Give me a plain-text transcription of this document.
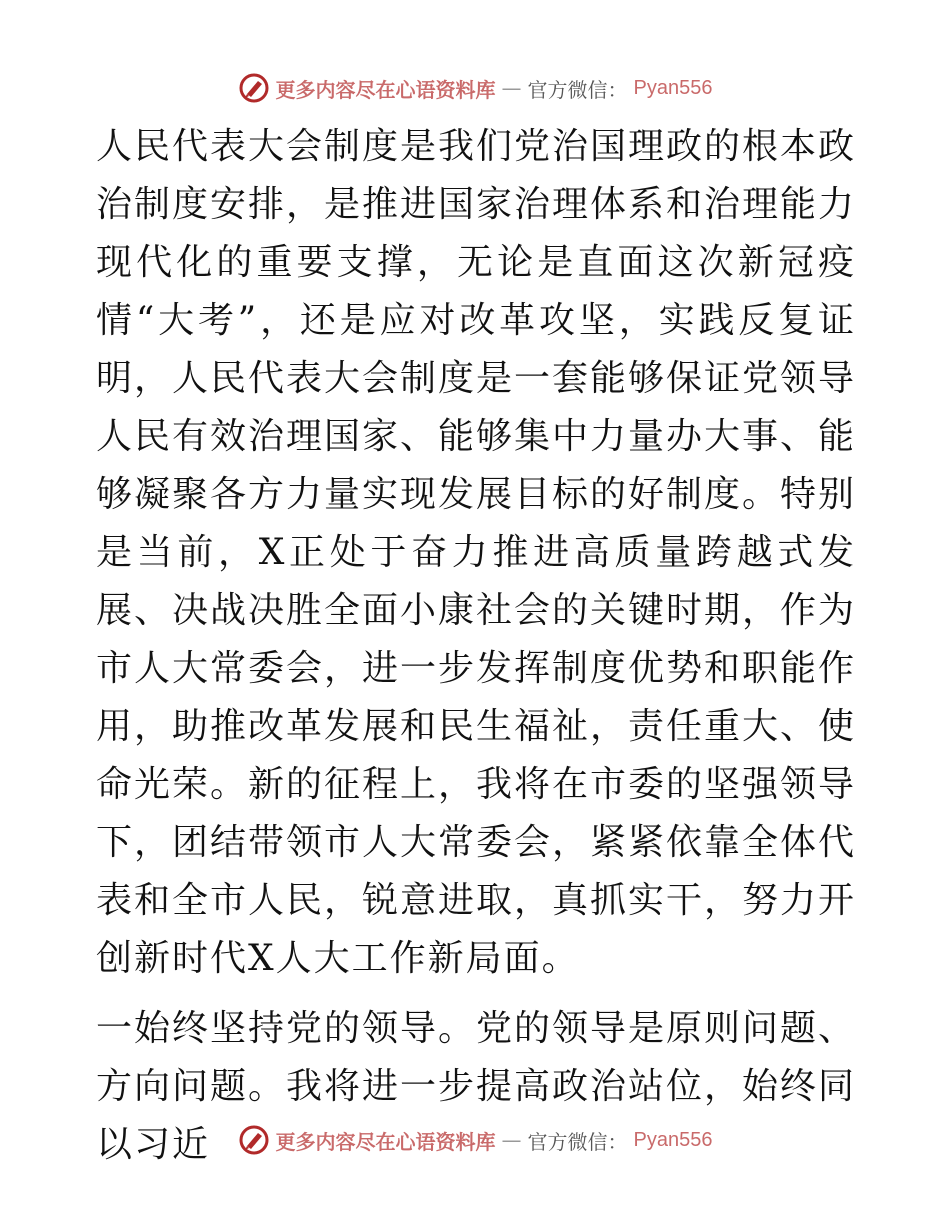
更多内容尽在心语资料库 — 官方微信： Pyan556

人民代表大会制度是我们党治国理政的根本政治制度安排，是推进国家治理体系和治理能力现代化的重要支撑，无论是直面这次新冠疫情“大考”，还是应对改革攻坚，实践反复证明，人民代表大会制度是一套能够保证党领导人民有效治理国家、能够集中力量办大事、能够凝聚各方力量实现发展目标的好制度。特别是当前，X正处于奋力推进高质量跨越式发展、决战决胜全面小康社会的关键时期，作为市人大常委会，进一步发挥制度优势和职能作用，助推改革发展和民生福祉，责任重大、使命光荣。新的征程上，我将在市委的坚强领导下，团结带领市人大常委会，紧紧依靠全体代表和全市人民，锐意进取，真抓实干，努力开创新时代X人大工作新局面。

一始终坚持党的领导。党的领导是原则问题、方向问题。我将进一步提高政治站位，始终同以习近	更多内容尽在心语资料库 — 官方微信： Pyan556
